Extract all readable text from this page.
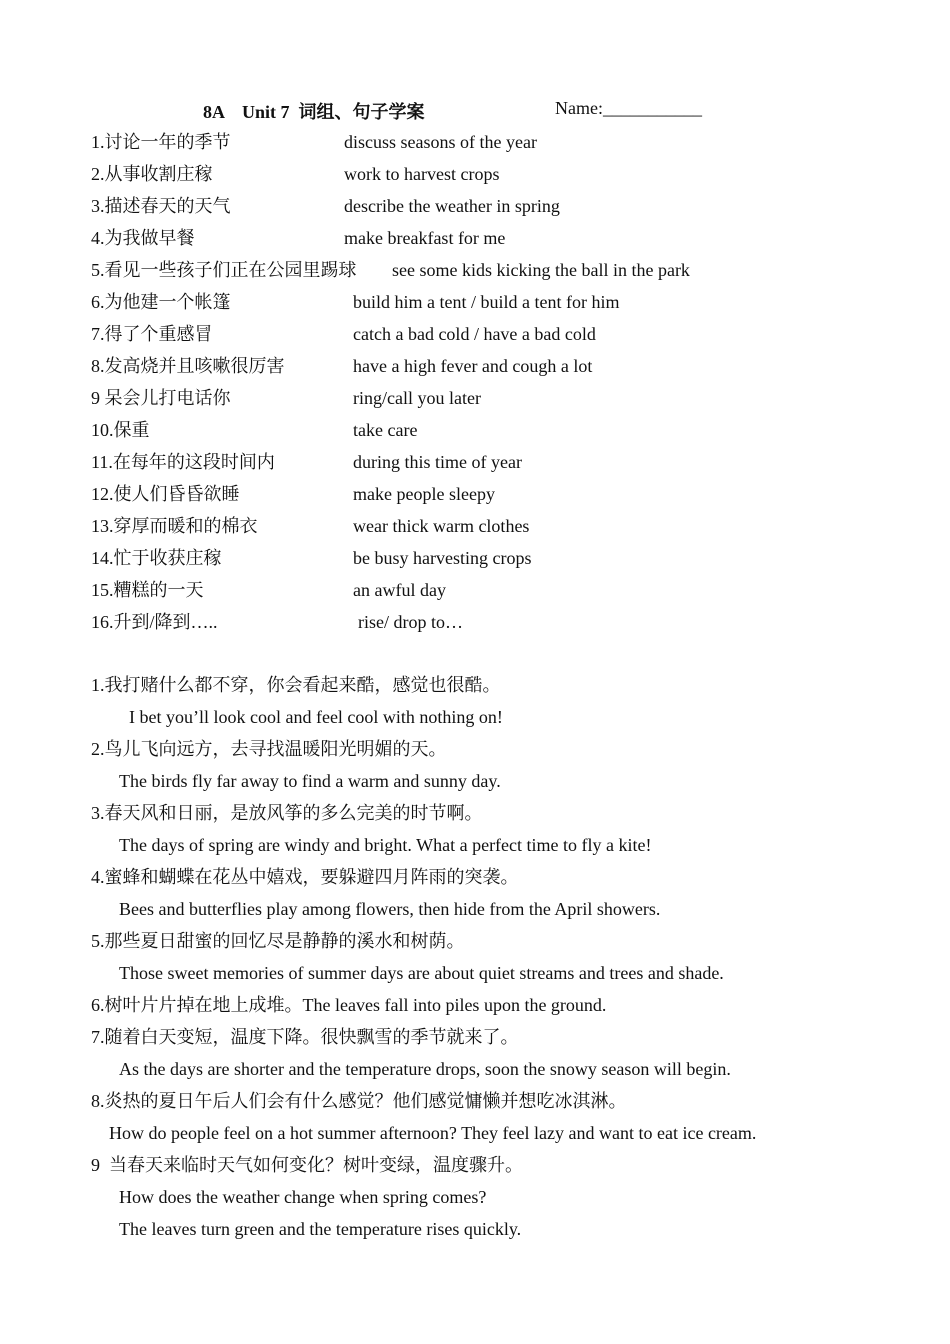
8A    Unit 7  词组、句子学案	Name:___________
1.讨论一年的季节	discuss seasons of the year
2.从事收割庄稼	work to harvest crops
3.描述春天的天气	describe the weather in spring
4.为我做早餐	make breakfast for me
5.看见一些孩子们正在公园里踢球 see some kids kicking the ball in the park
6.为他建一个帐篷	build him a tent / build a tent for him
7.得了个重感冒	catch a bad cold / have a bad cold
8.发高烧并且咳嗽很厉害	have a high fever and cough a lot
9 呆会儿打电话你	ring/call you later
10.保重	take care
11.在每年的这段时间内	during this time of year
12.使人们昏昏欲睡	make people sleepy
13.穿厚而暖和的棉衣	wear thick warm clothes
14.忙于收获庄稼	be busy harvesting crops
15.糟糕的一天	an awful day
16.升到/降到…..	rise/ drop to…
1.我打赌什么都不穿，你会看起来酷，感觉也很酷。
I bet you’ll look cool and feel cool with nothing on!
2.鸟儿飞向远方，去寻找温暖阳光明媚的天。
The birds fly far away to find a warm and sunny day.
3.春天风和日丽，是放风筝的多么完美的时节啊。
The days of spring are windy and bright. What a perfect time to fly a kite!
4.蜜蜂和蝴蝶在花丛中嬉戏，要躲避四月阵雨的突袭。
Bees and butterflies play among flowers, then hide from the April showers.
5.那些夏日甜蜜的回忆尽是静静的溪水和树荫。
Those sweet memories of summer days are about quiet streams and trees and shade.
6.树叶片片掉在地上成堆。The leaves fall into piles upon the ground.
7.随着白天变短，温度下降。很快飘雪的季节就来了。
As the days are shorter and the temperature drops, soon the snowy season will begin.
8.炎热的夏日午后人们会有什么感觉？他们感觉慵懒并想吃冰淇淋。
How do people feel on a hot summer afternoon? They feel lazy and want to eat ice cream.
9  当春天来临时天气如何变化？树叶变绿，温度骤升。
How does the weather change when spring comes?
The leaves turn green and the temperature rises quickly.
